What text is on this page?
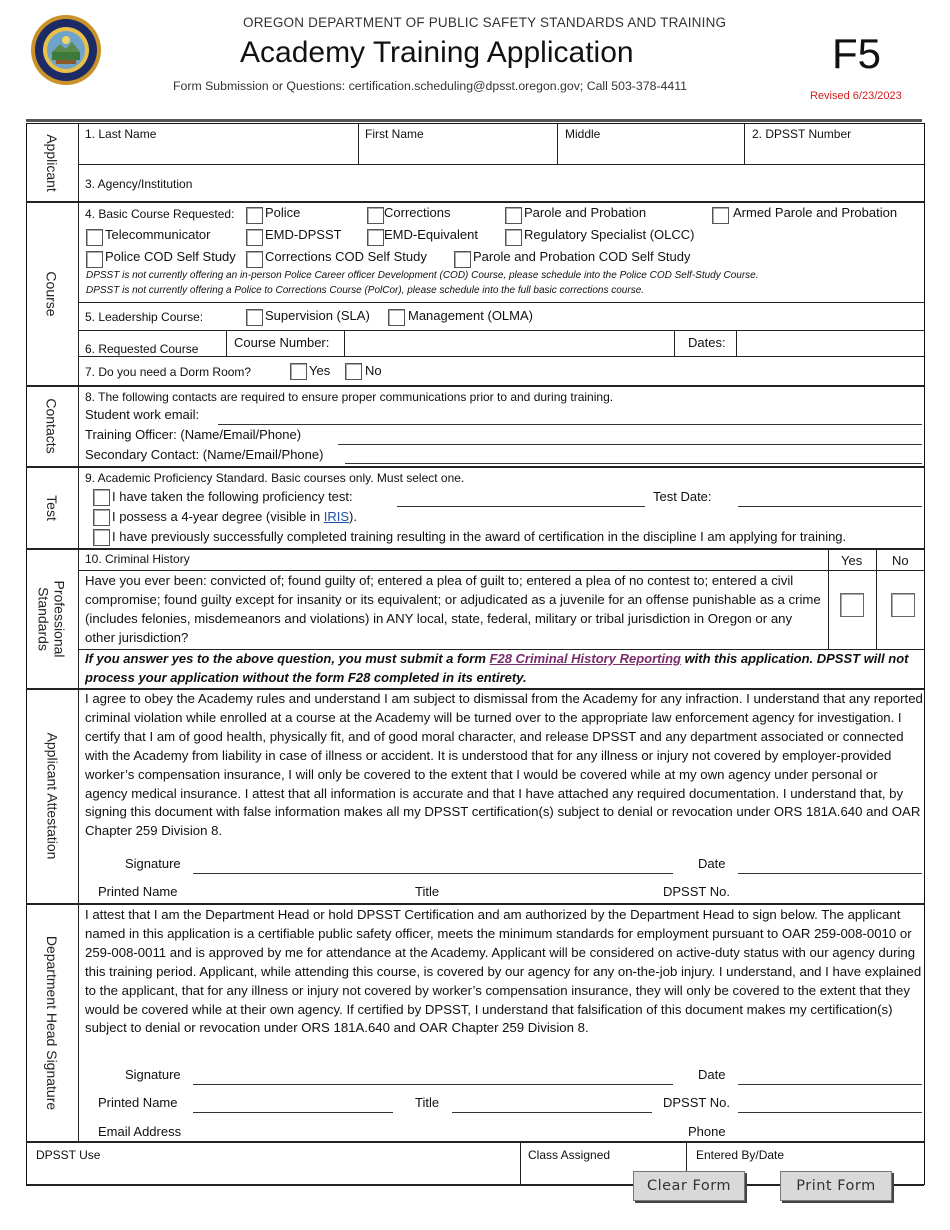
OREGON DEPARTMENT OF PUBLIC SAFETY STANDARDS AND TRAINING
Academy Training Application
Form Submission or Questions: certification.scheduling@dpsst.oregon.gov; Call 503-378-4411
F5
Revised 6/23/2023
Applicant
Course
Contacts
Test
Professional
Standards
Applicant Attestation
Department Head Signature
1. Last Name	First Name	Middle	2. DPSST Number
3. Agency/Institution
4. Basic Course Requested: Police	Corrections	Parole and Probation	Armed Parole and Probation
Telecommunicator	EMD-DPSST	EMD-Equivalent	Regulatory Specialist (OLCC)
Police COD Self Study Corrections COD Self Study	Parole and Probation COD Self Study
DPSST is not currently offering an in-person Police Career officer Development (COD) Course, please schedule into the Police COD Self-Study Course.
DPSST is not currently offering a Police to Corrections Course (PolCor), please schedule into the full basic corrections course.
5. Leadership Course:	Supervision (SLA)	Management (OLMA)
6. Requested Course	Course Number:	Dates:
7. Do you need a Dorm Room?	Yes	No
8. The following contacts are required to ensure proper communications prior to and during training.
Student work email:
Training Officer: (Name/Email/Phone)
Secondary Contact: (Name/Email/Phone)
9. Academic Proficiency Standard. Basic courses only. Must select one.
I have taken the following proficiency test:	Test Date:
I possess a 4-year degree (visible in IRIS).
I have previously successfully completed training resulting in the award of certification in the discipline I am applying for training.
10. Criminal History	Yes No
Have you ever been: convicted of; found guilty of; entered a plea of guilt to; entered a plea of no contest to; entered a civil compromise; found guilty except for insanity or its equivalent; or adjudicated as a juvenile for an offense punishable as a crime (includes felonies, misdemeanors and violations) in ANY local, state, federal, military or tribal jurisdiction in Oregon or any other jurisdiction?
If you answer yes to the above question, you must submit a form F28 Criminal History Reporting with this application. DPSST will not process your application without the form F28 completed in its entirety.
I agree to obey the Academy rules and understand I am subject to dismissal from the Academy for any infraction. I understand that any reported criminal violation while enrolled at a course at the Academy will be turned over to the appropriate law enforcement agency for investigation. I certify that I am of good health, physically fit, and of good moral character, and release DPSST and any department associated or connected with the Academy from liability in case of illness or accident. It is understood that for any illness or injury not covered by employer-provided worker’s compensation insurance, I will only be covered to the extent that I would be covered while at my own agency under personal or agency medical insurance. I attest that all information is accurate and that I have attached any required documentation. I understand that, by signing this document with false information makes all my DPSST certification(s) subject to denial or revocation under ORS 181A.640 and OAR Chapter 259 Division 8.
Signature	Date
Printed Name	Title	DPSST No.
I attest that I am the Department Head or hold DPSST Certification and am authorized by the Department Head to sign below. The applicant named in this application is a certifiable public safety officer, meets the minimum standards for employment pursuant to OAR 259-008-0010 or 259-008-0011 and is approved by me for attendance at the Academy. Applicant will be considered on active-duty status with our agency during this training period. Applicant, while attending this course, is covered by our agency for any on-the-job injury. I understand, and I have explained to the applicant, that for any illness or injury not covered by worker’s compensation insurance, they will only be covered to the extent that they would be covered while at their own agency. If certified by DPSST, I understand that falsification of this document makes my certification(s) subject to denial or revocation under ORS 181A.640 and OAR Chapter 259 Division 8.
Signature	Date
Printed Name	Title	DPSST No.
Email Address	Phone
DPSST Use	Class Assigned	Entered By/Date
Clear Form	Print Form
